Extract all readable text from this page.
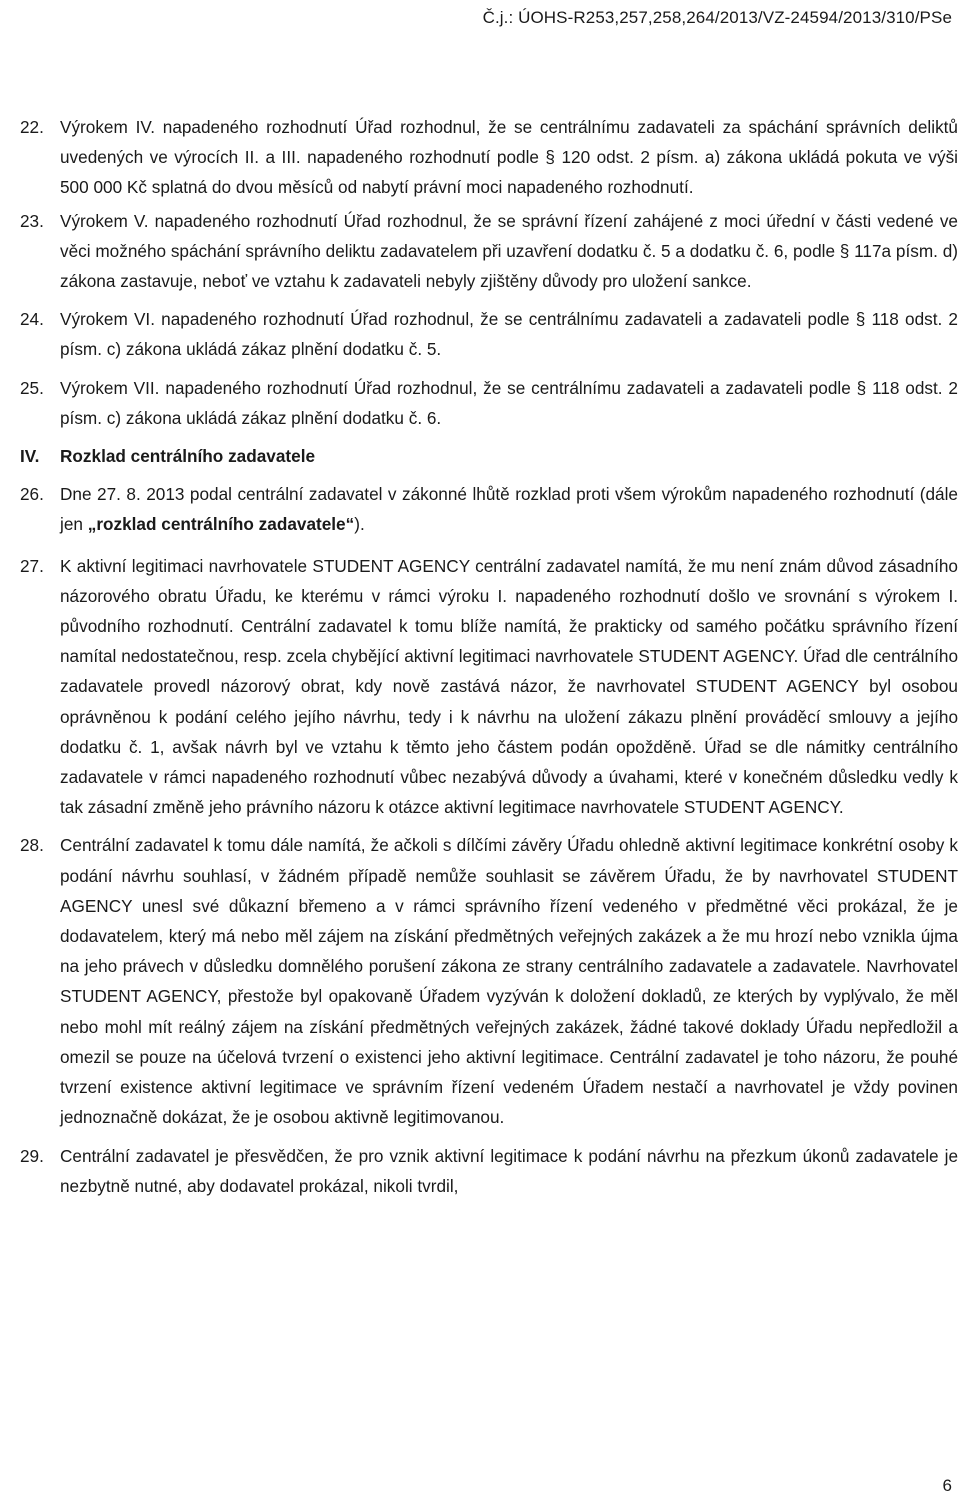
Č.j.: ÚOHS-R253,257,258,264/2013/VZ-24594/2013/310/PSe
22. Výrokem IV. napadeného rozhodnutí Úřad rozhodnul, že se centrálnímu zadavateli za spáchání správních deliktů uvedených ve výrocích II. a III. napadeného rozhodnutí podle § 120 odst. 2 písm. a) zákona ukládá pokuta ve výši 500 000 Kč splatná do dvou měsíců od nabytí právní moci napadeného rozhodnutí.
23. Výrokem V. napadeného rozhodnutí Úřad rozhodnul, že se správní řízení zahájené z moci úřední v části vedené ve věci možného spáchání správního deliktu zadavatelem při uzavření dodatku č. 5 a dodatku č. 6, podle § 117a písm. d) zákona zastavuje, neboť ve vztahu k zadavateli nebyly zjištěny důvody pro uložení sankce.
24. Výrokem VI. napadeného rozhodnutí Úřad rozhodnul, že se centrálnímu zadavateli a zadavateli podle § 118 odst. 2 písm. c) zákona ukládá zákaz plnění dodatku č. 5.
25. Výrokem VII. napadeného rozhodnutí Úřad rozhodnul, že se centrálnímu zadavateli a zadavateli podle § 118 odst. 2 písm. c) zákona ukládá zákaz plnění dodatku č. 6.
IV.	Rozklad centrálního zadavatele
26. Dne 27. 8. 2013 podal centrální zadavatel v zákonné lhůtě rozklad proti všem výrokům napadeného rozhodnutí (dále jen „rozklad centrálního zadavatele“).
27. K aktivní legitimaci navrhovatele STUDENT AGENCY centrální zadavatel namítá, že mu není znám důvod zásadního názorového obratu Úřadu, ke kterému v rámci výroku I. napadeného rozhodnutí došlo ve srovnání s výrokem I. původního rozhodnutí. Centrální zadavatel k tomu blíže namítá, že prakticky od samého počátku správního řízení namítal nedostatečnou, resp. zcela chybějící aktivní legitimaci navrhovatele STUDENT AGENCY. Úřad dle centrálního zadavatele provedl názorový obrat, kdy nově zastává názor, že navrhovatel STUDENT AGENCY byl osobou oprávněnou k podání celého jejího návrhu, tedy i k návrhu na uložení zákazu plnění prováděcí smlouvy a jejího dodatku č. 1, avšak návrh byl ve vztahu k těmto jeho částem podán opožděně. Úřad se dle námitky centrálního zadavatele v rámci napadeného rozhodnutí vůbec nezabývá důvody a úvahami, které v konečném důsledku vedly k tak zásadní změně jeho právního názoru k otázce aktivní legitimace navrhovatele STUDENT AGENCY.
28. Centrální zadavatel k tomu dále namítá, že ačkoli s dílčími závěry Úřadu ohledně aktivní legitimace konkrétní osoby k podání návrhu souhlasí, v žádném případě nemůže souhlasit se závěrem Úřadu, že by navrhovatel STUDENT AGENCY unesl své důkazní břemeno a v rámci správního řízení vedeného v předmětné věci prokázal, že je dodavatelem, který má nebo měl zájem na získání předmětných veřejných zakázek a že mu hrozí nebo vznikla újma na jeho právech v důsledku domnělého porušení zákona ze strany centrálního zadavatele a zadavatele. Navrhovatel STUDENT AGENCY, přestože byl opakovaně Úřadem vyzýván k doložení dokladů, ze kterých by vyplývalo, že měl nebo mohl mít reálný zájem na získání předmětných veřejných zakázek, žádné takové doklady Úřadu nepředložil a omezil se pouze na účelová tvrzení o existenci jeho aktivní legitimace. Centrální zadavatel je toho názoru, že pouhé tvrzení existence aktivní legitimace ve správním řízení vedeném Úřadem nestačí a navrhovatel je vždy povinen jednoznačně dokázat, že je osobou aktivně legitimovanou.
29. Centrální zadavatel je přesvědčen, že pro vznik aktivní legitimace k podání návrhu na přezkum úkonů zadavatele je nezbytně nutné, aby dodavatel prokázal, nikoli tvrdil,
6
